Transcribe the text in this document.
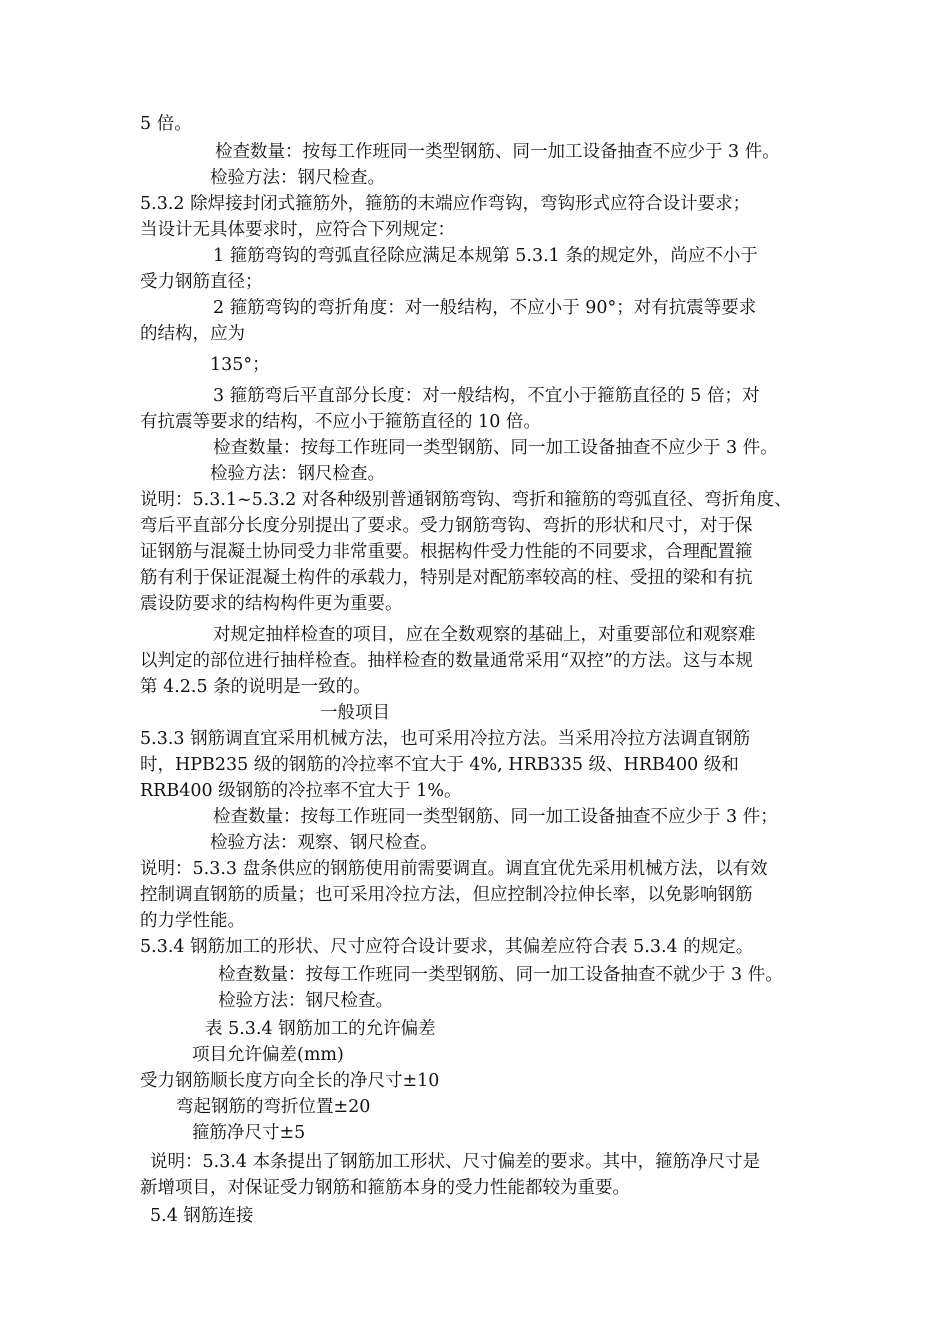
5 倍。
检查数量：按每工作班同一类型钢筋、同一加工设备抽查不应少于 3 件。
检验方法：钢尺检查。
5.3.2 除焊接封闭式箍筋外，箍筋的末端应作弯钩，弯钩形式应符合设计要求；
当设计无具体要求时，应符合下列规定：
1 箍筋弯钩的弯弧直径除应满足本规第 5.3.1 条的规定外，尚应不小于
受力钢筋直径；
2 箍筋弯钩的弯折角度：对一般结构，不应小于 90°；对有抗震等要求
的结构，应为
135°；
3 箍筋弯后平直部分长度：对一般结构，不宜小于箍筋直径的 5 倍；对
有抗震等要求的结构，不应小于箍筋直径的 10 倍。
检查数量：按每工作班同一类型钢筋、同一加工设备抽查不应少于 3 件。
检验方法：钢尺检查。
说明：5.3.1~5.3.2 对各种级别普通钢筋弯钩、弯折和箍筋的弯弧直径、弯折角度、
弯后平直部分长度分别提出了要求。受力钢筋弯钩、弯折的形状和尺寸，对于保
证钢筋与混凝土协同受力非常重要。根据构件受力性能的不同要求，合理配置箍
筋有利于保证混凝土构件的承载力，特别是对配筋率较高的柱、受扭的梁和有抗
震设防要求的结构构件更为重要。
对规定抽样检查的项目，应在全数观察的基础上，对重要部位和观察难
以判定的部位进行抽样检查。抽样检查的数量通常采用“双控”的方法。这与本规
第 4.2.5 条的说明是一致的。
一般项目
5.3.3 钢筋调直宜采用机械方法，也可采用冷拉方法。当采用冷拉方法调直钢筋
时，HPB235 级的钢筋的冷拉率不宜大于 4%, HRB335 级、HRB400 级和
RRB400 级钢筋的冷拉率不宜大于 1%。
检查数量：按每工作班同一类型钢筋、同一加工设备抽查不应少于 3 件；
检验方法：观察、钢尺检查。
说明：5.3.3 盘条供应的钢筋使用前需要调直。调直宜优先采用机械方法，以有效
控制调直钢筋的质量；也可采用冷拉方法，但应控制冷拉伸长率，以免影响钢筋
的力学性能。
5.3.4 钢筋加工的形状、尺寸应符合设计要求，其偏差应符合表 5.3.4 的规定。
检查数量：按每工作班同一类型钢筋、同一加工设备抽查不就少于 3 件。
检验方法：钢尺检查。
表 5.3.4 钢筋加工的允许偏差
项目允许偏差(mm)
受力钢筋顺长度方向全长的净尺寸±10
弯起钢筋的弯折位置±20
箍筋净尺寸±5
说明：5.3.4 本条提出了钢筋加工形状、尺寸偏差的要求。其中，箍筋净尺寸是
新增项目，对保证受力钢筋和箍筋本身的受力性能都较为重要。
5.4 钢筋连接
